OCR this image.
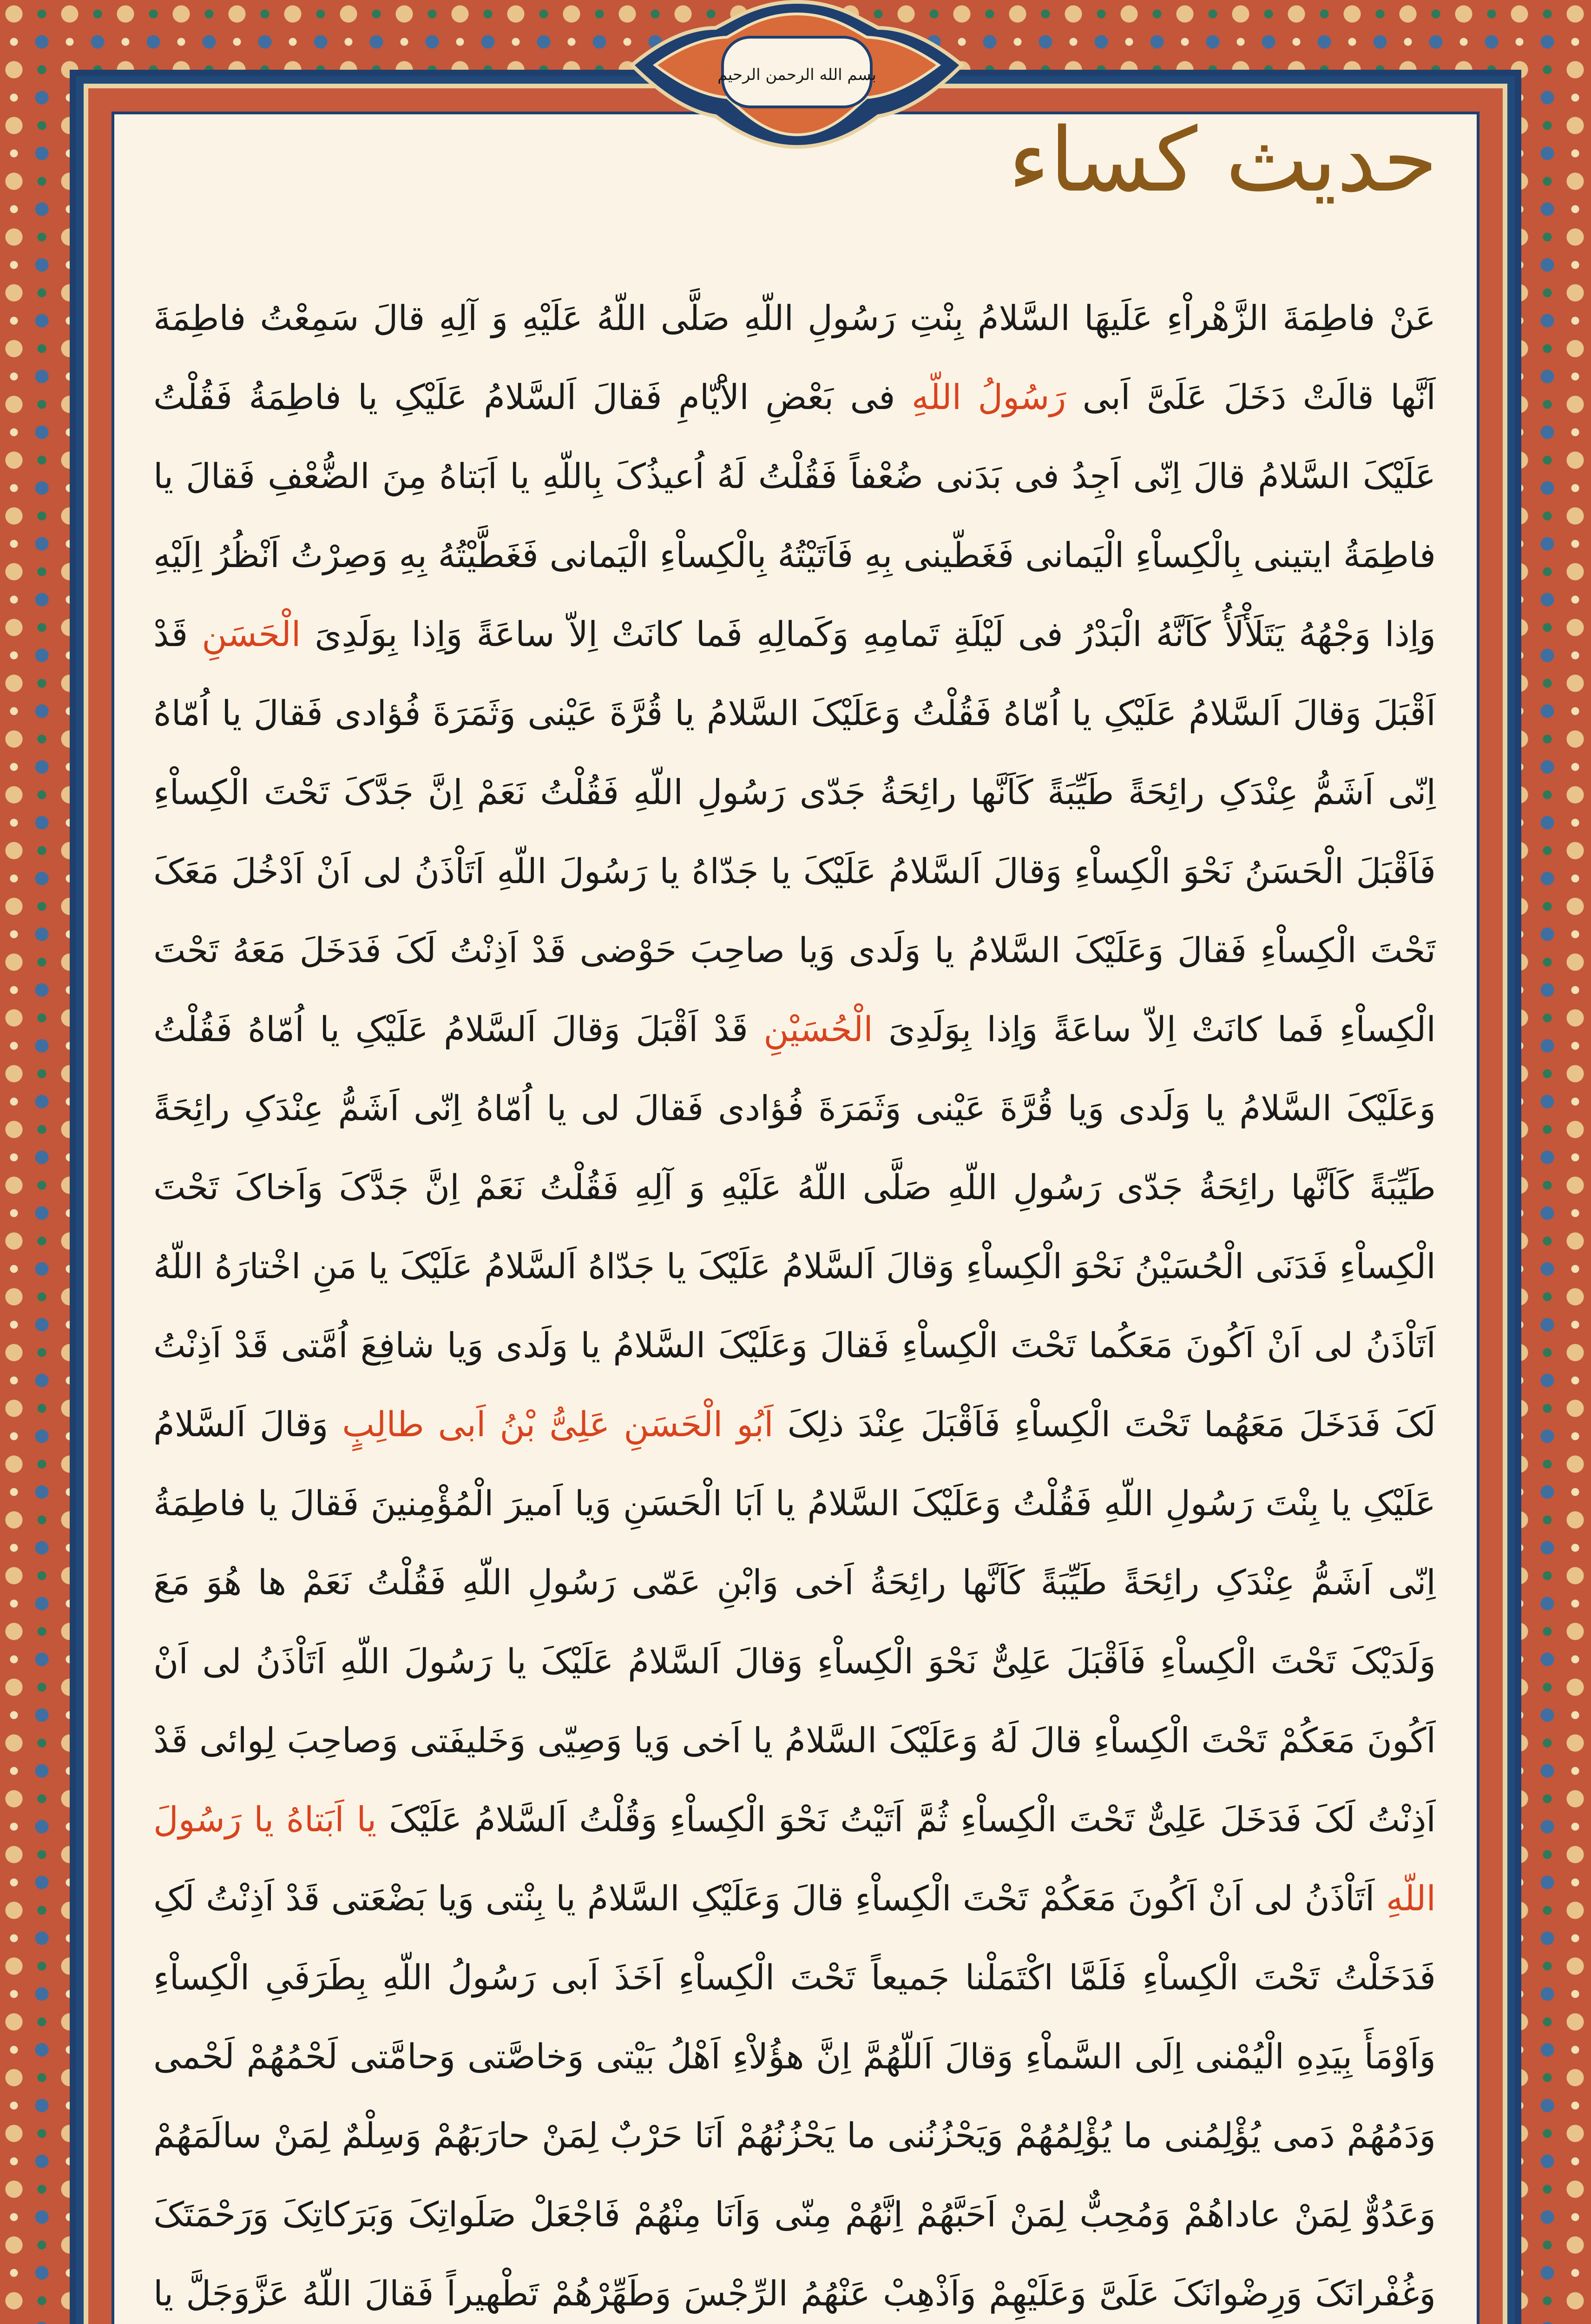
بسم الله الرحمن الرحیم
حدیث کساء

عَنْ فاطِمَةَ الزَّهْراْءِ عَلَیهَا السَّلامُ بِنْتِ رَسُولِ اللّهِ صَلَّی اللّهُ عَلَیْهِ وَ آلِهِ قالَ سَمِعْتُ فاطِمَةَ اَنَّها قالَتْ دَخَلَ عَلَیَّ اَبی رَسُولُ اللّهِ فی بَعْضِ الاَْیّامِ فَقالَ اَلسَّلامُ عَلَیْکِ یا فاطِمَةُ فَقُلْتُ عَلَیْکَ السَّلامُ قالَ اِنّی اَجِدُ فی بَدَنی ضُعْفاً فَقُلْتُ لَهُ اُعیذُکَ بِاللّهِ یا اَبَتاهُ مِنَ الضُّعْفِ فَقالَ یا فاطِمَةُ ایتینی بِالْکِساْءِ الْیَمانی فَغَطّینی بِهِ فَاَتَیْتُهُ بِالْکِساْءِ الْیَمانی فَغَطَّیْتُهُ بِهِ وَصِرْتُ اَنْظُرُ اِلَیْهِ وَاِذا وَجْهُهُ یَتَلَأْلَأُ کَاَنَّهُ الْبَدْرُ فی لَیْلَةِ تَمامِهِ وَکَمالِهِ فَما کانَتْ اِلاّ ساعَةً وَاِذا بِوَلَدِیَ الْحَسَنِ قَدْ اَقْبَلَ وَقالَ اَلسَّلامُ عَلَیْکِ یا اُمّاهُ فَقُلْتُ وَعَلَیْکَ السَّلامُ یا قُرَّةَ عَیْنی وَثَمَرَةَ فُؤادی فَقالَ یا اُمّاهُ اِنّی اَشَمُّ عِنْدَکِ رائِحَةً طَیِّبَةً کَاَنَّها رائِحَةُ جَدّی رَسُولِ اللّهِ فَقُلْتُ نَعَمْ اِنَّ جَدَّکَ تَحْتَ الْکِساْءِ فَاَقْبَلَ الْحَسَنُ نَحْوَ الْکِساْءِ وَقالَ اَلسَّلامُ عَلَیْکَ یا جَدّاهُ یا رَسُولَ اللّهِ اَتَاْذَنُ لی اَنْ اَدْخُلَ مَعَکَ تَحْتَ الْکِساْءِ فَقالَ وَعَلَیْکَ السَّلامُ یا وَلَدی وَیا صاحِبَ حَوْضی قَدْ اَذِنْتُ لَکَ فَدَخَلَ مَعَهُ تَحْتَ الْکِساْءِ فَما کانَتْ اِلاّ ساعَةً وَاِذا بِوَلَدِیَ الْحُسَیْنِ قَدْ اَقْبَلَ وَقالَ اَلسَّلامُ عَلَیْکِ یا اُمّاهُ فَقُلْتُ وَعَلَیْکَ السَّلامُ یا وَلَدی وَیا قُرَّةَ عَیْنی وَثَمَرَةَ فُؤادی فَقالَ لی یا اُمّاهُ اِنّی اَشَمُّ عِنْدَکِ رائِحَةً طَیِّبَةً کَاَنَّها رائِحَةُ جَدّی رَسُولِ اللّهِ صَلَّی اللّهُ عَلَیْهِ وَ آلِهِ فَقُلْتُ نَعَمْ اِنَّ جَدَّکَ وَاَخاکَ تَحْتَ الْکِساْءِ فَدَنَی الْحُسَیْنُ نَحْوَ الْکِساْءِ وَقالَ اَلسَّلامُ عَلَیْکَ یا جَدّاهُ اَلسَّلامُ عَلَیْکَ یا مَنِ اخْتارَهُ اللّهُ اَتَاْذَنُ لی اَنْ اَکُونَ مَعَکُما تَحْتَ الْکِساْءِ فَقالَ وَعَلَیْکَ السَّلامُ یا وَلَدی وَیا شافِعَ اُمَّتی قَدْ اَذِنْتُ لَکَ فَدَخَلَ مَعَهُما تَحْتَ الْکِساْءِ فَاَقْبَلَ عِنْدَ ذلِکَ اَبُو الْحَسَنِ عَلِیُّ بْنُ اَبی طالِبٍ وَقالَ اَلسَّلامُ عَلَیْکِ یا بِنْتَ رَسُولِ اللّهِ فَقُلْتُ وَعَلَیْکَ السَّلامُ یا اَبَا الْحَسَنِ وَیا اَمیرَ الْمُؤْمِنینَ فَقالَ یا فاطِمَةُ اِنّی اَشَمُّ عِنْدَکِ رائِحَةً طَیِّبَةً کَاَنَّها رائِحَةُ اَخی وَابْنِ عَمّی رَسُولِ اللّهِ فَقُلْتُ نَعَمْ ها هُوَ مَعَ وَلَدَیْکَ تَحْتَ الْکِساْءِ فَاَقْبَلَ عَلِیٌّ نَحْوَ الْکِساْءِ وَقالَ اَلسَّلامُ عَلَیْکَ یا رَسُولَ اللّهِ اَتَاْذَنُ لی اَنْ اَکُونَ مَعَکُمْ تَحْتَ الْکِساْءِ قالَ لَهُ وَعَلَیْکَ السَّلامُ یا اَخی وَیا وَصِیّی وَخَلیفَتی وَصاحِبَ لِوائی قَدْ اَذِنْتُ لَکَ فَدَخَلَ عَلِیٌّ تَحْتَ الْکِساْءِ ثُمَّ اَتَیْتُ نَحْوَ الْکِساْءِ وَقُلْتُ اَلسَّلامُ عَلَیْکَ یا اَبَتاهُ یا رَسُولَ اللّهِ اَتَاْذَنُ لی اَنْ اَکُونَ مَعَکُمْ تَحْتَ الْکِساْءِ قالَ وَعَلَیْکِ السَّلامُ یا بِنْتی وَیا بَضْعَتی قَدْ اَذِنْتُ لَکِ فَدَخَلْتُ تَحْتَ الْکِساْءِ فَلَمَّا اکْتَمَلْنا جَمیعاً تَحْتَ الْکِساْءِ اَخَذَ اَبی رَسُولُ اللّهِ بِطَرَفَیِ الْکِساْءِ وَاَوْمَأَ بِیَدِهِ الْیُمْنی اِلَی السَّماْءِ وَقالَ اَللّهُمَّ اِنَّ هؤُلاْءِ اَهْلُ بَیْتی وَخاصَّتی وَحامَّتی لَحْمُهُمْ لَحْمی وَدَمُهُمْ دَمی یُؤْلِمُنی ما یُؤْلِمُهُمْ وَیَحْزُنُنی ما یَحْزُنُهُمْ اَنَا حَرْبٌ لِمَنْ حارَبَهُمْ وَسِلْمٌ لِمَنْ سالَمَهُمْ وَعَدُوٌّ لِمَنْ عاداهُمْ وَمُحِبٌّ لِمَنْ اَحَبَّهُمْ اِنَّهُمْ مِنّی وَاَنَا مِنْهُمْ فَاجْعَلْ صَلَواتِکَ وَبَرَکاتِکَ وَرَحْمَتَکَ وَغُفْرانَکَ وَرِضْوانَکَ عَلَیَّ وَعَلَیْهِمْ وَاَذْهِبْ عَنْهُمُ الرِّجْسَ وَطَهِّرْهُمْ تَطْهیراً فَقالَ اللّهُ عَزَّوَجَلَّ یا
